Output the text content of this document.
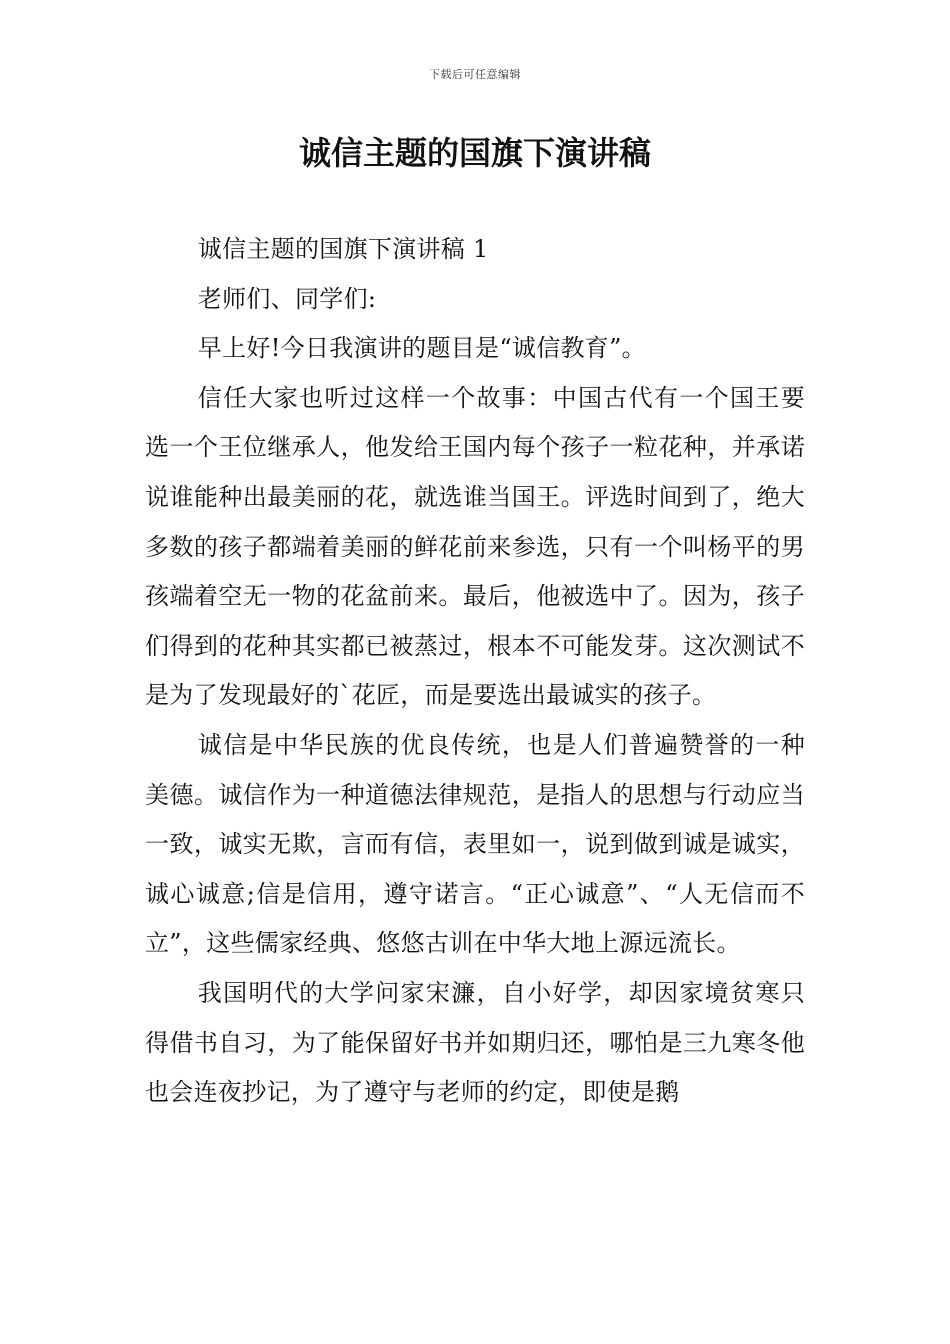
下载后可任意编辑
诚信主题的国旗下演讲稿

诚信主题的国旗下演讲稿 1

老师们、同学们:

早上好!今日我演讲的题目是“诚信教育”。

信任大家也听过这样一个故事：中国古代有一个国王要选一个王位继承人，他发给王国内每个孩子一粒花种，并承诺说谁能种出最美丽的花，就选谁当国王。评选时间到了，绝大多数的孩子都端着美丽的鲜花前来参选，只有一个叫杨平的男孩端着空无一物的花盆前来。最后，他被选中了。因为，孩子们得到的花种其实都已被蒸过，根本不可能发芽。这次测试不是为了发现最好的`花匠，而是要选出最诚实的孩子。

诚信是中华民族的优良传统，也是人们普遍赞誉的一种美德。诚信作为一种道德法律规范，是指人的思想与行动应当一致，诚实无欺，言而有信，表里如一，说到做到诚是诚实，诚心诚意;信是信用，遵守诺言。“正心诚意”、“人无信而不立”，这些儒家经典、悠悠古训在中华大地上源远流长。

我国明代的大学问家宋濂，自小好学，却因家境贫寒只得借书自习，为了能保留好书并如期归还，哪怕是三九寒冬他也会连夜抄记，为了遵守与老师的约定，即使是鹅
